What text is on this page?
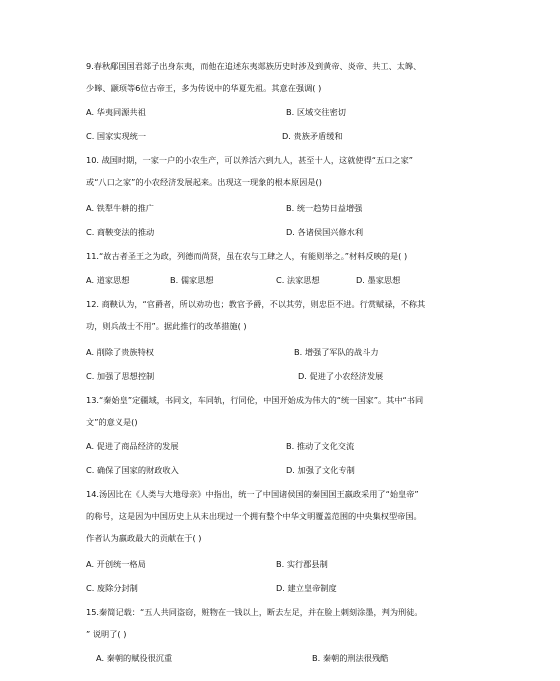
9.春秋鄅国国君郯子出身东夷，而他在追述东夷郯族历史时涉及到黄帝、炎帝、共工、太皞、
少皞、颛顼等6位古帝王，多为传说中的华夏先祖。其意在强调( )
A. 华夷同源共祖	B. 区域交往密切
C. 国家实现统一	D. 贵族矛盾缓和
10. 战国时期，一家一户的小农生产，可以养活六到九人，甚至十人，这就使得“五口之家”
或“八口之家”的小农经济发展起来。出现这一现象的根本原因是()
A. 铁犁牛耕的推广	B. 统一趋势日益增强
C. 商鞅变法的推动	D. 各诸侯国兴修水利
11.“故古者圣王之为政，列德而尚贤，虽在农与工肆之人，有能则举之。”材料反映的是( )
A. 道家思想	B. 儒家思想	C. 法家思想	D. 墨家思想
12. 商鞅认为，“官爵者，所以劝功也；教官予爵，不以其劳，则忠臣不进。行赏赋禄，不称其
功，则兵战士不用”。据此推行的改革措施( )
A. 削除了贵族特权	B. 增强了军队的战斗力
C. 加强了思想控制	D. 促进了小农经济发展
13.“秦始皇”定疆域，书同文，车同轨，行同伦，中国开始成为伟大的“统一国家”。其中“书同
文”的意义是()
A. 促进了商品经济的发展	B. 推动了文化交流
C. 确保了国家的财政收入	D. 加强了文化专制
14.汤因比在《人类与大地母亲》中指出，统一了中国诸侯国的秦国国王嬴政采用了“始皇帝”
的称号，这是因为中国历史上从未出现过一个拥有整个中华文明覆盖范围的中央集权型帝国。
作者认为嬴政最大的贡献在于( )
A. 开创统一格局	B. 实行郡县制
C. 废除分封制	D. 建立皇帝制度
15.秦简记载：“五人共同盗窃，赃物在一钱以上，断去左足，并在脸上刺刻涂墨，判为刑徒。
” 说明了( )
A. 秦朝的赋役很沉重	B. 秦朝的刑法很残酷
